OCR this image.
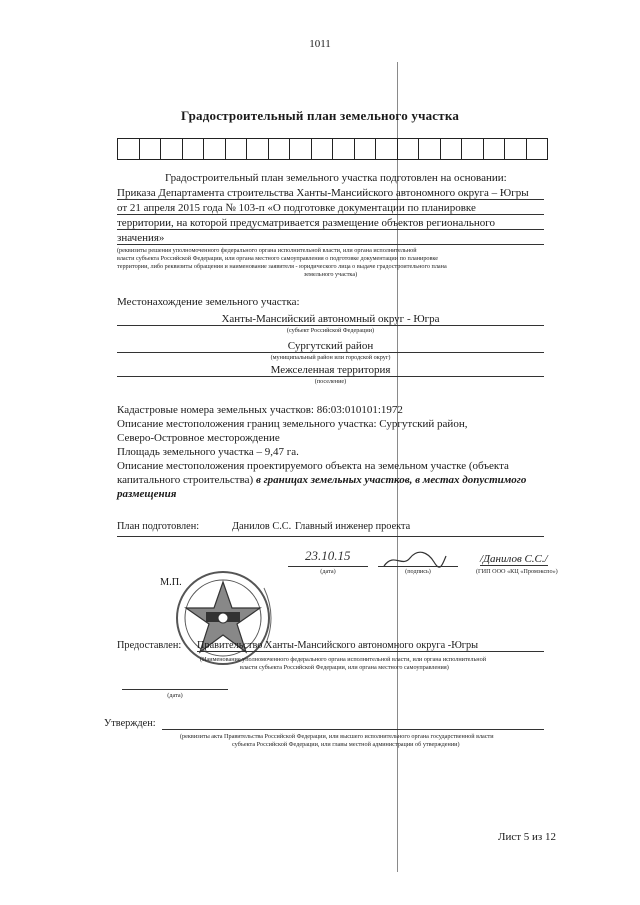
1011
Градостроительный план земельного участка
Градостроительный план земельного участка подготовлен на основании:
Приказа Департамента строительства Ханты-Мансийского автономного округа – Югры
от 21 апреля 2015 года № 103-п «О подготовке документации по планировке
территории, на которой предусматривается размещение объектов регионального
значения»
(реквизиты решения уполномоченного федерального органа исполнительной власти, или органа исполнительной
власти субъекта Российской Федерации, или органа местного самоуправления о подготовке документации по планировке
территории, либо реквизиты обращения и наименование заявителя - юридического лица о выдаче градостроительного плана
земельного участка)
Местонахождение земельного участка:
Ханты-Мансийский автономный округ - Югра
(субъект Российской Федерации)
Сургутский район
(муниципальный район или городской округ)
Межселенная территория
(поселение)
Кадастровые номера земельных участков: 86:03:010101:1972
Описание местоположения границ земельного участка: Сургутский район,
Северо-Островное месторождение
Площадь земельного участка – 9,47 га.
Описание местоположения проектируемого объекта на земельном участке (объекта
капитального строительства) в границах земельных участков, в местах допустимого
размещения
План подготовлен:	Данилов С.С. Главный инженер проекта
23.10.15
(дата)	(подпись)
/Данилов С.С./
(ГИП ООО «КЦ «Промэкспо»)
М.П.
Предоставлен: Правительство Ханты-Мансийского автономного округа -Югры
(Наименование уполномоченного федерального органа исполнительной власти, или органа исполнительной
власти субъекта Российской Федерации, или органа местного самоуправления)
(дата)
Утвержден:
(реквизиты акта Правительства Российской Федерации, или высшего исполнительного органа государственной власти
субъекта Российской Федерации, или главы местной администрации об утверждении)
Лист 5 из 12
